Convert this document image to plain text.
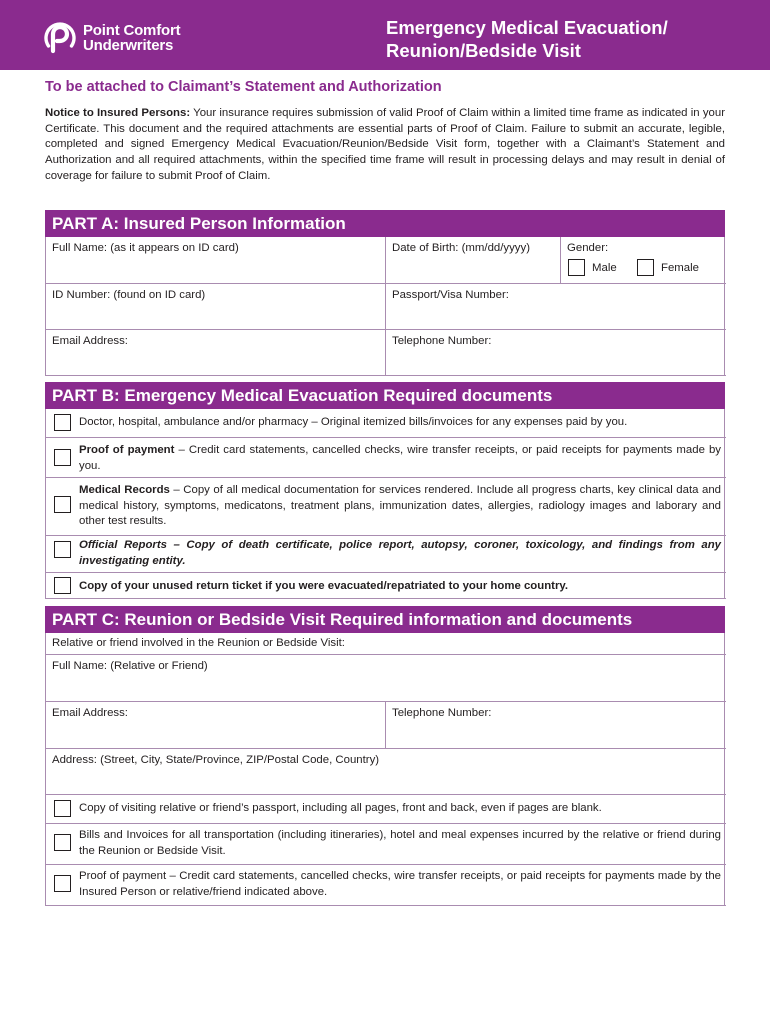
Point Comfort
Underwriters
Emergency Medical Evacuation/
Reunion/Bedside Visit
To be attached to Claimant’s Statement and Authorization
Notice to Insured Persons: Your insurance requires submission of valid Proof of Claim within a limited time frame as indicated in your Certificate. This document and the required attachments are essential parts of Proof of Claim. Failure to submit an accurate, legible, completed and signed Emergency Medical Evacuation/Reunion/Bedside Visit form, together with a Claimant’s Statement and Authorization and all required attachments, within the specified time frame will result in processing delays and may result in denial of coverage for failure to submit Proof of Claim.
PART A: Insured Person Information
Full Name: (as it appears on ID card)	Date of Birth: (mm/dd/yyyy)	Gender:
Male	Female
ID Number: (found on ID card)	Passport/Visa Number:
Email Address:	Telephone Number:
PART B: Emergency Medical Evacuation Required documents
Doctor, hospital, ambulance and/or pharmacy – Original itemized bills/invoices for any expenses paid by you.
Proof of payment – Credit card statements, cancelled checks, wire transfer receipts, or paid receipts for payments made by you.
Medical Records – Copy of all medical documentation for services rendered. Include all progress charts, key clinical data and medical history, symptoms, medicatons, treatment plans, immunization dates, allergies, radiology images and laborary and other test results.
Official Reports – Copy of death certificate, police report, autopsy, coroner, toxicology, and findings from any investigating entity.
Copy of your unused return ticket if you were evacuated/repatriated to your home country.
PART C: Reunion or Bedside Visit Required information and documents
Relative or friend involved in the Reunion or Bedside Visit:
Full Name: (Relative or Friend)
Email Address:	Telephone Number:
Address: (Street, City, State/Province, ZIP/Postal Code, Country)
Copy of visiting relative or friend’s passport, including all pages, front and back, even if pages are blank.
Bills and Invoices for all transportation (including itineraries), hotel and meal expenses incurred by the relative or friend during the Reunion or Bedside Visit.
Proof of payment – Credit card statements, cancelled checks, wire transfer receipts, or paid receipts for payments made by the Insured Person or relative/friend indicated above.
